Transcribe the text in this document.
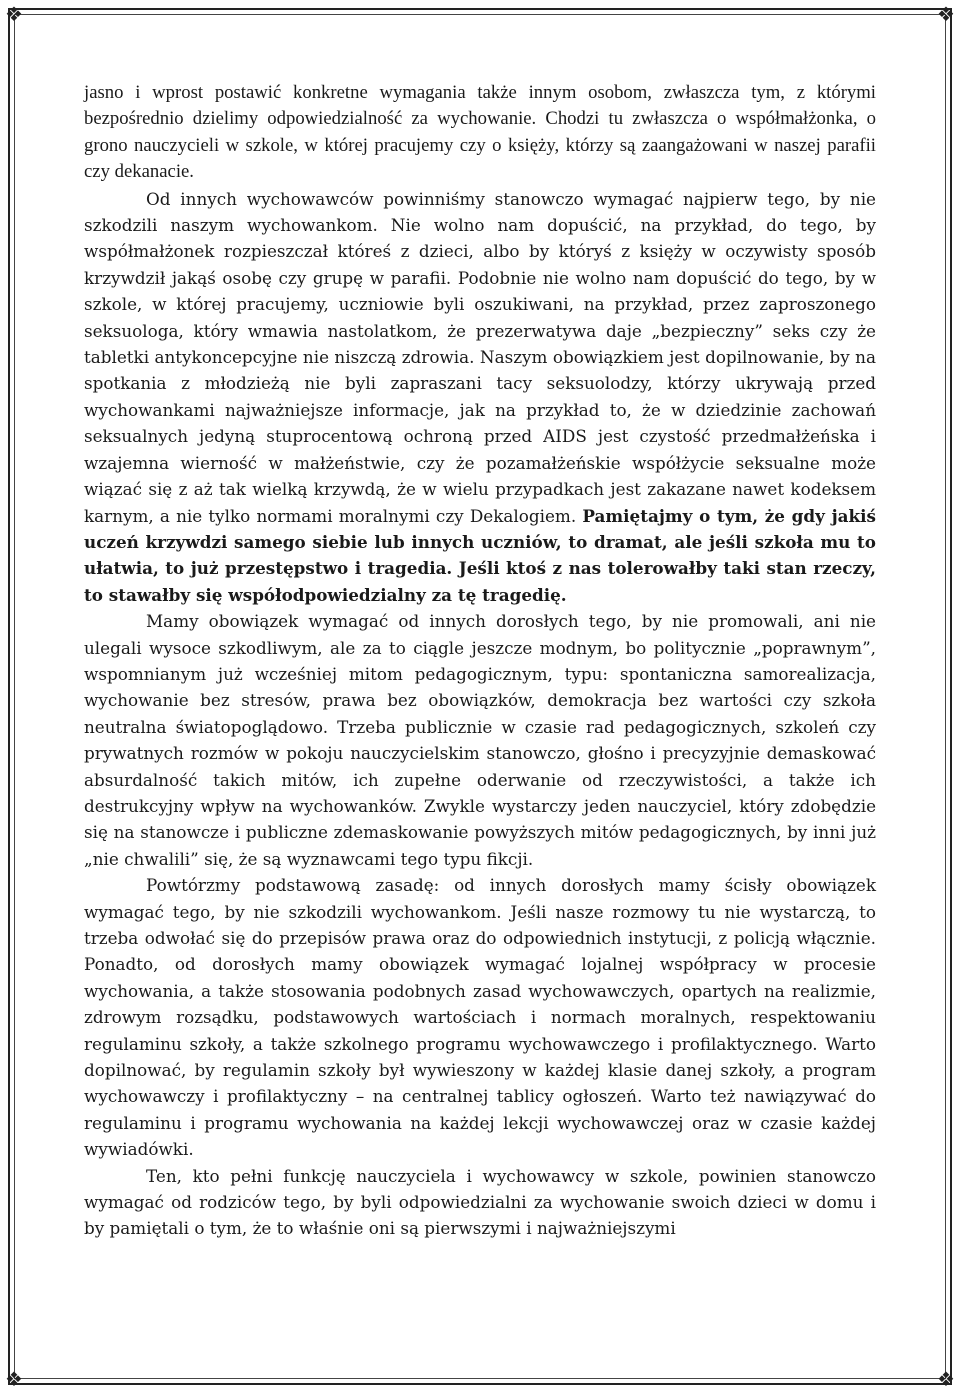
❖	❖
❖	❖

jasno i wprost postawić konkretne wymagania także innym osobom, zwłaszcza tym, z którymi bezpośrednio dzielimy odpowiedzialność za wychowanie. Chodzi tu zwłaszcza o współmałżonka, o grono nauczycieli w szkole, w której pracujemy czy o księży, którzy są zaangażowani w naszej parafii czy dekanacie.

Od innych wychowawców powinniśmy stanowczo wymagać najpierw tego, by nie szkodzili naszym wychowankom. Nie wolno nam dopuścić, na przykład, do tego, by współmałżonek rozpieszczał któreś z dzieci, albo by któryś z księży w oczywisty sposób krzywdził jakąś osobę czy grupę w parafii. Podobnie nie wolno nam dopuścić do tego, by w szkole, w której pracujemy, uczniowie byli oszukiwani, na przykład, przez zaproszonego seksuologa, który wmawia nastolatkom, że prezerwatywa daje „bezpieczny” seks czy że tabletki antykoncepcyjne nie niszczą zdrowia. Naszym obowiązkiem jest dopilnowanie, by na spotkania z młodzieżą nie byli zapraszani tacy seksuolodzy, którzy ukrywają przed wychowankami najważniejsze informacje, jak na przykład to, że w dziedzinie zachowań seksualnych jedyną stuprocentową ochroną przed AIDS jest czystość przedmałżeńska i wzajemna wierność w małżeństwie, czy że pozamałżeńskie współżycie seksualne może wiązać się z aż tak wielką krzywdą, że w wielu przypadkach jest zakazane nawet kodeksem karnym, a nie tylko normami moralnymi czy Dekalogiem. Pamiętajmy o tym, że gdy jakiś uczeń krzywdzi samego siebie lub innych uczniów, to dramat, ale jeśli szkoła mu to ułatwia, to już przestępstwo i tragedia. Jeśli ktoś z nas tolerowałby taki stan rzeczy, to stawałby się współodpowiedzialny za tę tragedię.

Mamy obowiązek wymagać od innych dorosłych tego, by nie promowali, ani nie ulegali wysoce szkodliwym, ale za to ciągle jeszcze modnym, bo politycznie „poprawnym”, wspomnianym już wcześniej mitom pedagogicznym, typu: spontaniczna samorealizacja, wychowanie bez stresów, prawa bez obowiązków, demokracja bez wartości czy szkoła neutralna światopoglądowo. Trzeba publicznie w czasie rad pedagogicznych, szkoleń czy prywatnych rozmów w pokoju nauczycielskim stanowczo, głośno i precyzyjnie demaskować absurdalność takich mitów, ich zupełne oderwanie od rzeczywistości, a także ich destrukcyjny wpływ na wychowanków. Zwykle wystarczy jeden nauczyciel, który zdobędzie się na stanowcze i publiczne zdemaskowanie powyższych mitów pedagogicznych, by inni już „nie chwalili” się, że są wyznawcami tego typu fikcji.

Powtórzmy podstawową zasadę: od innych dorosłych mamy ścisły obowiązek wymagać tego, by nie szkodzili wychowankom. Jeśli nasze rozmowy tu nie wystarczą, to trzeba odwołać się do przepisów prawa oraz do odpowiednich instytucji, z policją włącznie. Ponadto, od dorosłych mamy obowiązek wymagać lojalnej współpracy w procesie wychowania, a także stosowania podobnych zasad wychowawczych, opartych na realizmie, zdrowym rozsądku, podstawowych wartościach i normach moralnych, respektowaniu regulaminu szkoły, a także szkolnego programu wychowawczego i profilaktycznego. Warto dopilnować, by regulamin szkoły był wywieszony w każdej klasie danej szkoły, a program wychowawczy i profilaktyczny – na centralnej tablicy ogłoszeń. Warto też nawiązywać do regulaminu i programu wychowania na każdej lekcji wychowawczej oraz w czasie każdej wywiadówki.

Ten, kto pełni funkcję nauczyciela i wychowawcy w szkole, powinien stanowczo wymagać od rodziców tego, by byli odpowiedzialni za wychowanie swoich dzieci w domu i by pamiętali o tym, że to właśnie oni są pierwszymi i najważniejszymi
